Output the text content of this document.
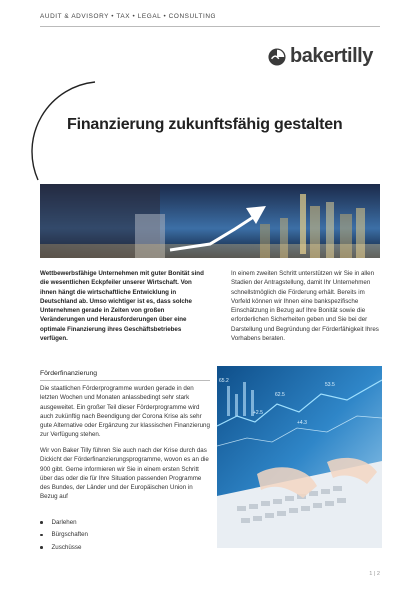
AUDIT & ADVISORY • TAX • LEGAL • CONSULTING
bakertilly
Finanzierung zukunftsfähig gestalten
Wettbewerbsfähige Unternehmen mit guter Bonität sind die wesentlichen Eckpfeiler unserer Wirtschaft. Von ihnen hängt die wirtschaftliche Entwicklung in Deutschland ab. Umso wichtiger ist es, dass solche Unternehmen gerade in Zeiten von großen Veränderungen und Herausforderungen über eine optimale Finanzierung ihres Geschäftsbetriebes verfügen.
In einem zweiten Schritt unterstützen wir Sie in allen Stadien der Antragstellung, damit Ihr Unternehmen schnellstmöglich die Förderung erhält. Bereits im Vorfeld können wir Ihnen eine bankspezifische Einschätzung in Bezug auf Ihre Bonität sowie die erforderlichen Sicherheiten geben und Sie bei der Darstellung und Begründung der Förderfähigkeit Ihres Vorhabens beraten.
Förderfinanzierung
Die staatlichen Förderprogramme wurden gerade in den letzten Wochen und Monaten anlassbedingt sehr stark ausgeweitet. Ein großer Teil dieser Förderprogramme wird auch zukünftig nach Beendigung der Corona Krise als sehr gute Alternative oder Ergänzung zur klassischen Finanzierung zur Verfügung stehen.
Wir von Baker Tilly führen Sie auch nach der Krise durch das Dickicht der Förderfinanzierungsprogramme, wovon es an die 900 gibt. Gerne informieren wir Sie in einem ersten Schritt über das oder die für Ihre Situation passenden Programme des Bundes, der Länder und der Europäischen Union in Bezug auf
Darlehen
Bürgschaften
Zuschüsse
65.2
62.5
53.5
+2.5
+4.3
1 | 2
